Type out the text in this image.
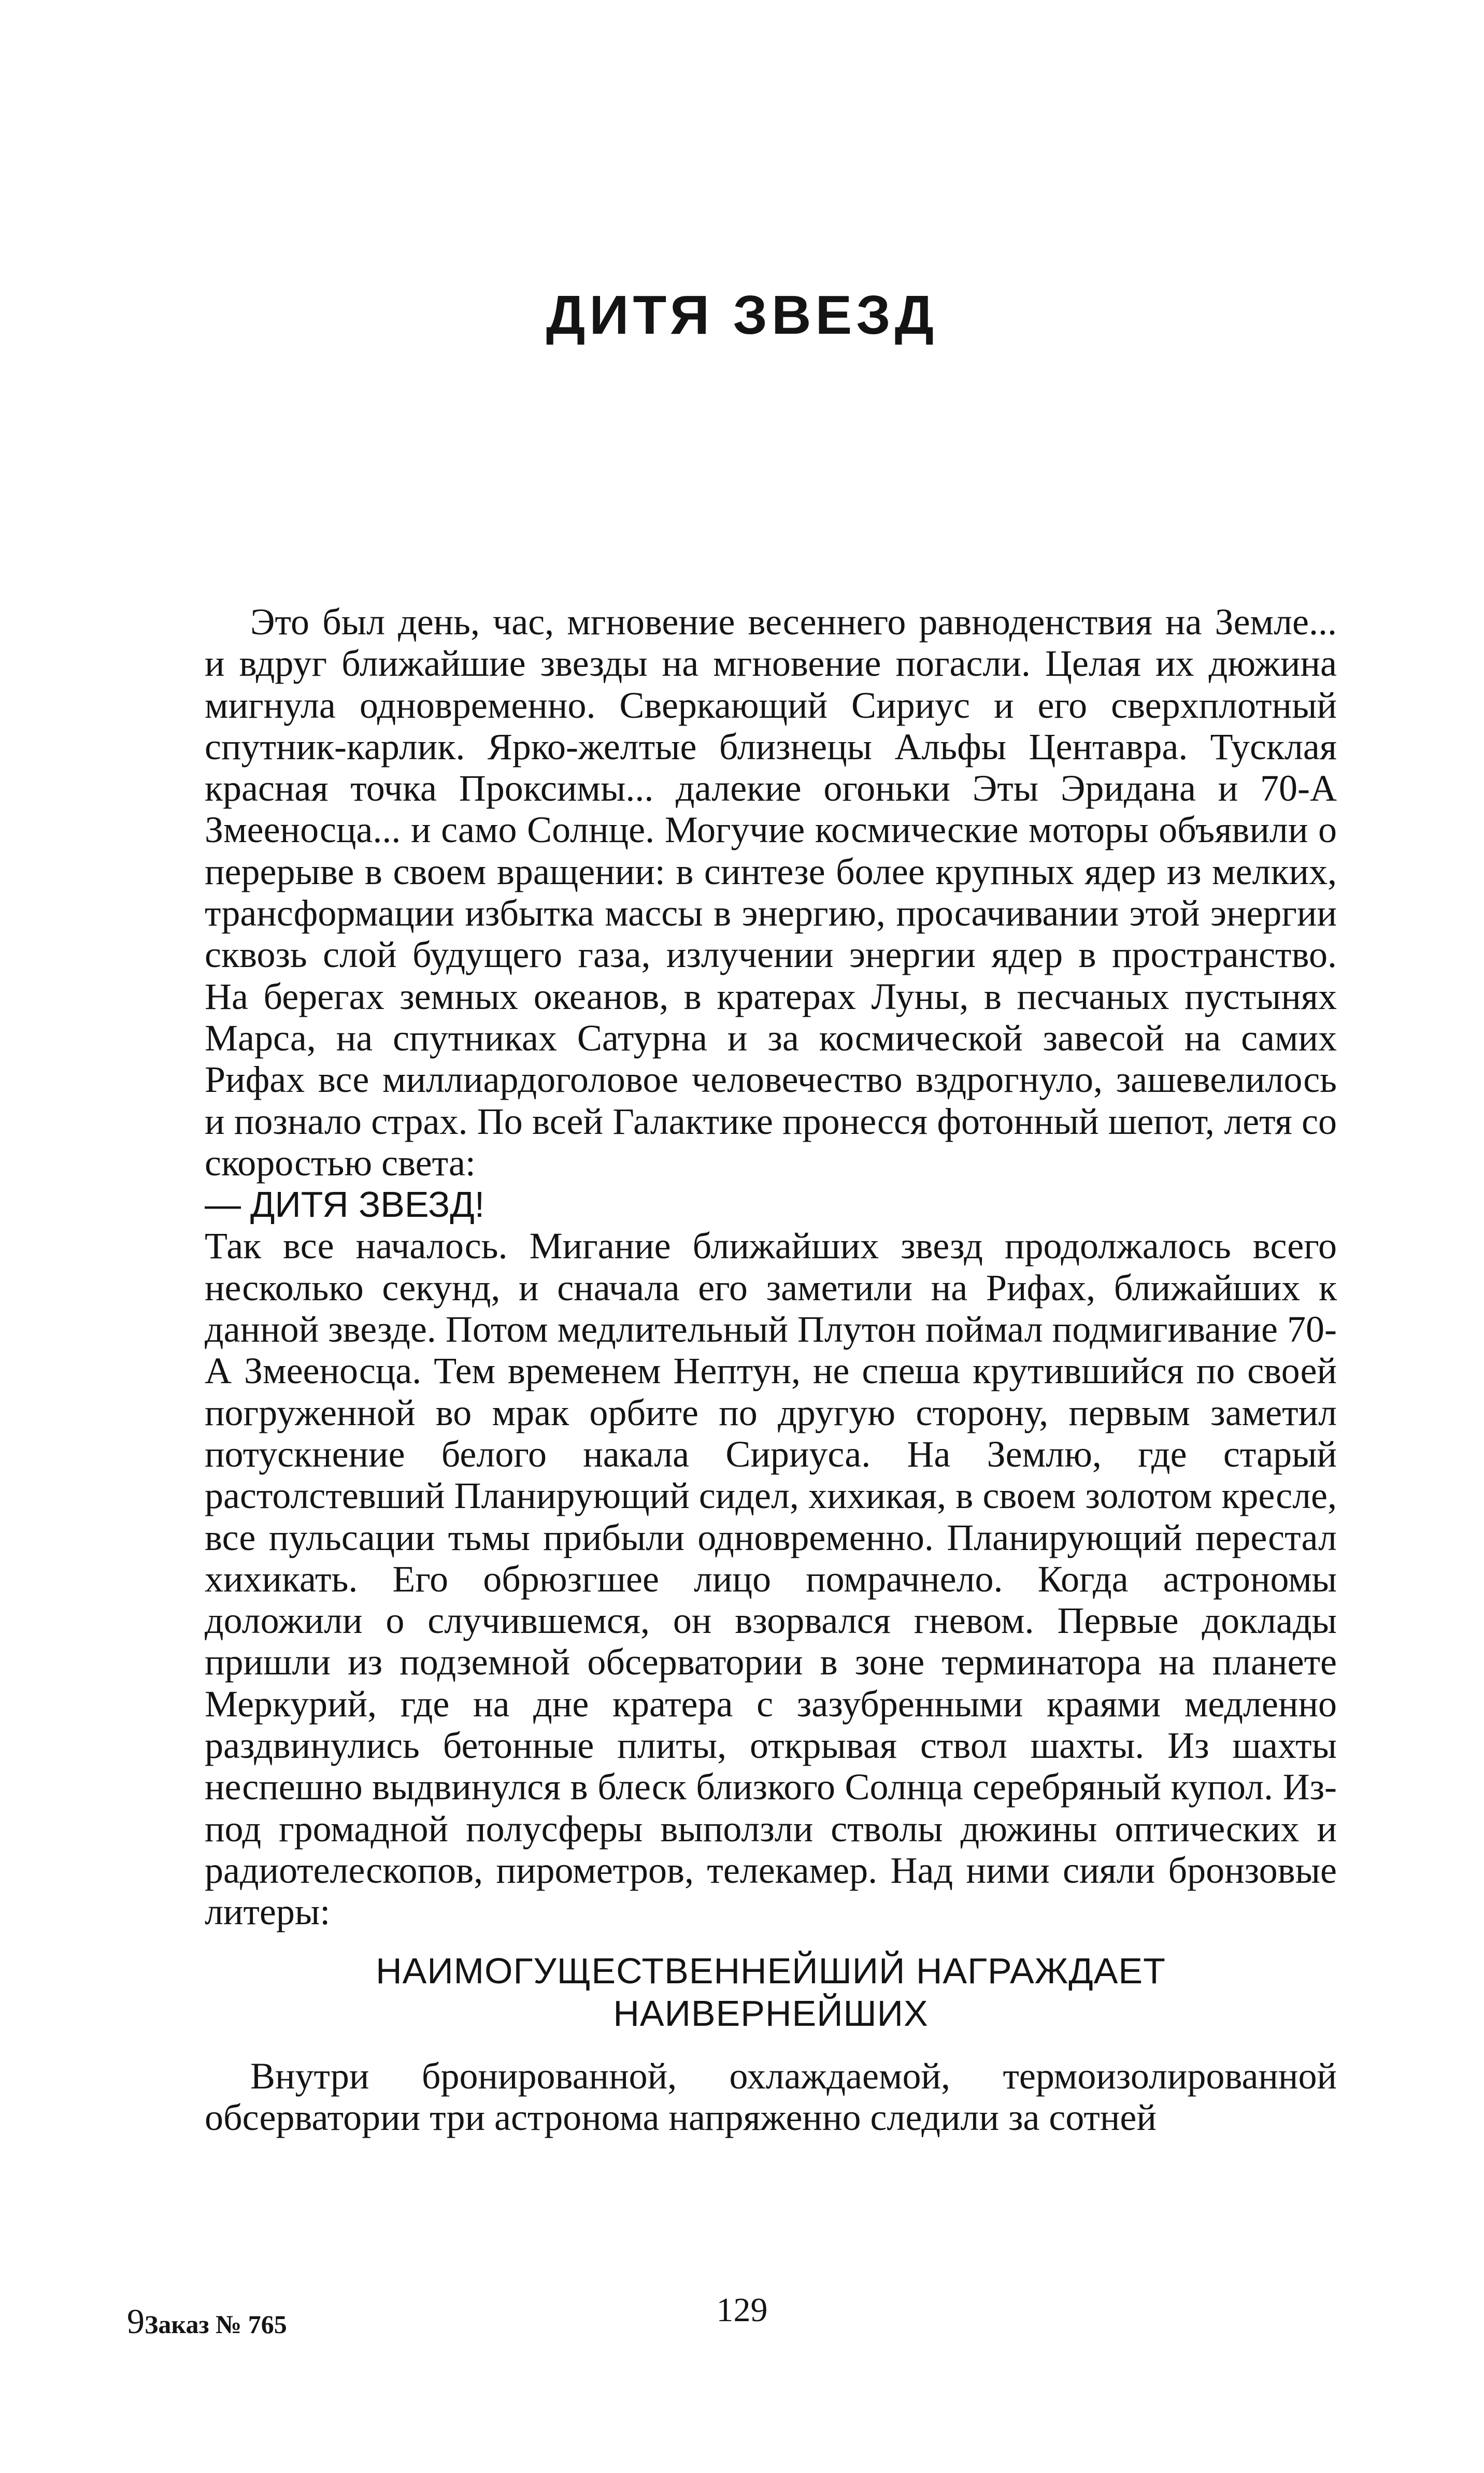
ДИТЯ ЗВЕЗД

Это был день, час, мгновение весеннего равноденствия на Земле... и вдруг ближайшие звезды на мгновение погасли. Целая их дюжина мигнула одновременно. Сверкающий Сириус и его сверхплотный спутник-карлик. Ярко-желтые близнецы Альфы Центавра. Тусклая красная точка Проксимы... далекие огоньки Эты Эридана и 70-А Змееносца... и само Солнце. Могучие космические моторы объявили о перерыве в своем вращении: в синтезе более крупных ядер из мелких, трансформации избытка массы в энергию, просачивании этой энергии сквозь слой будущего газа, излучении энергии ядер в пространство. На берегах земных океанов, в кратерах Луны, в песчаных пустынях Марса, на спутниках Сатурна и за космической завесой на самих Рифах все миллиардоголовое человечество вздрогнуло, зашевелилось и познало страх. По всей Галактике пронесся фотонный шепот, летя со скоростью света:

— ДИТЯ ЗВЕЗД!

Так все началось. Мигание ближайших звезд продолжалось всего несколько секунд, и сначала его заметили на Рифах, ближайших к данной звезде. Потом медлительный Плутон поймал подмигивание 70-А Змееносца. Тем временем Нептун, не спеша крутившийся по своей погруженной во мрак орбите по другую сторону, первым заметил потускнение белого накала Сириуса. На Землю, где старый растолстевший Планирующий сидел, хихикая, в своем золотом кресле, все пульсации тьмы прибыли одновременно. Планирующий перестал хихикать. Его обрюзгшее лицо помрачнело. Когда астрономы доложили о случившемся, он взорвался гневом. Первые доклады пришли из подземной обсерватории в зоне терминатора на планете Меркурий, где на дне кратера с зазубренными краями медленно раздвинулись бетонные плиты, открывая ствол шахты. Из шахты неспешно выдвинулся в блеск близкого Солнца серебряный купол. Из-под громадной полусферы выползли стволы дюжины оптических и радиотелескопов, пирометров, телекамер. Над ними сияли бронзовые литеры:

НАИМОГУЩЕСТВЕННЕЙШИЙ НАГРАЖДАЕТ
НАИВЕРНЕЙШИХ

Внутри бронированной, охлаждаемой, термоизолированной обсерватории три астронома напряженно следили за сотней

9Заказ № 765	129
